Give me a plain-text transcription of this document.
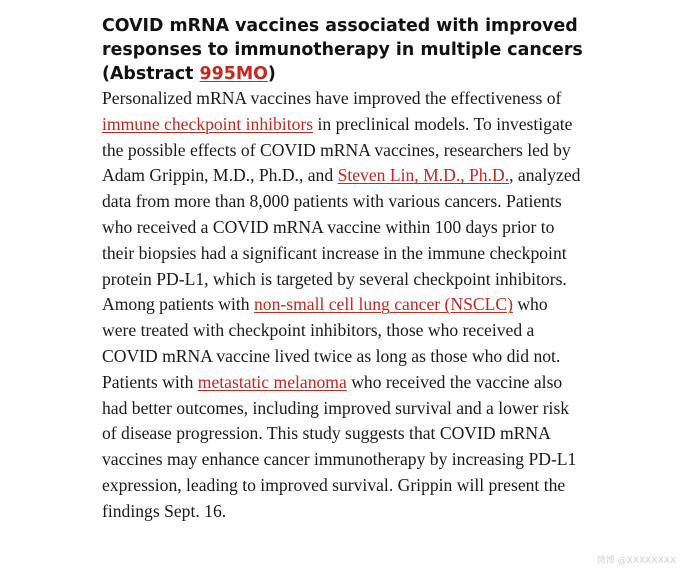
COVID mRNA vaccines associated with improved
responses to immunotherapy in multiple cancers
(Abstract 995MO)

Personalized mRNA vaccines have improved the effectiveness of
immune checkpoint inhibitors in preclinical models. To investigate
the possible effects of COVID mRNA vaccines, researchers led by
Adam Grippin, M.D., Ph.D., and Steven Lin, M.D., Ph.D., analyzed
data from more than 8,000 patients with various cancers. Patients
who received a COVID mRNA vaccine within 100 days prior to
their biopsies had a significant increase in the immune checkpoint
protein PD-L1, which is targeted by several checkpoint inhibitors.
Among patients with non-small cell lung cancer (NSCLC) who
were treated with checkpoint inhibitors, those who received a
COVID mRNA vaccine lived twice as long as those who did not.
Patients with metastatic melanoma who received the vaccine also
had better outcomes, including improved survival and a lower risk
of disease progression. This study suggests that COVID mRNA
vaccines may enhance cancer immunotherapy by increasing PD-L1
expression, leading to improved survival. Grippin will present the
findings Sept. 16.

微博 @XXXXXXXX
